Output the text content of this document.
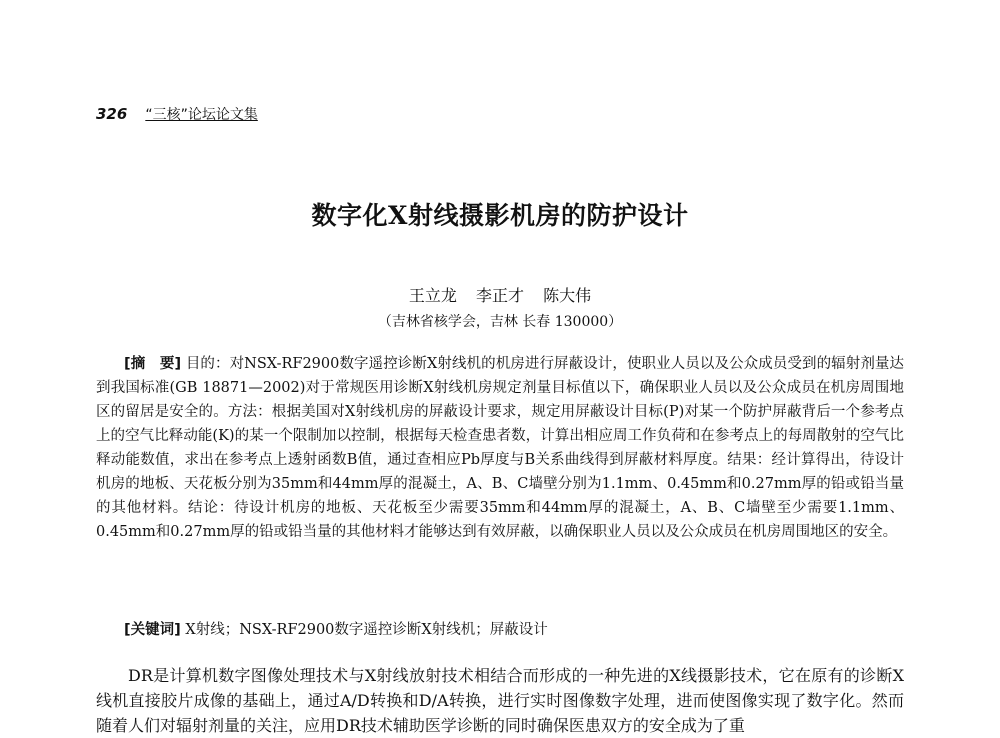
326 “三核”论坛论文集
数字化X射线摄影机房的防护设计
王立龙 李正才 陈大伟
（吉林省核学会，吉林 长春 130000）
[摘　要] 目的：对NSX-RF2900数字遥控诊断X射线机的机房进行屏蔽设计，使职业人员以及公众成员受到的辐射剂量达到我国标准(GB 18871—2002)对于常规医用诊断X射线机房规定剂量目标值以下，确保职业人员以及公众成员在机房周围地区的留居是安全的。方法：根据美国对X射线机房的屏蔽设计要求，规定用屏蔽设计目标(P)对某一个防护屏蔽背后一个参考点上的空气比释动能(K)的某一个限制加以控制，根据每天检查患者数，计算出相应周工作负荷和在参考点上的每周散射的空气比释动能数值，求出在参考点上透射函数B值，通过查相应Pb厚度与B关系曲线得到屏蔽材料厚度。结果：经计算得出，待设计机房的地板、天花板分别为35mm和44mm厚的混凝土，A、B、C墙壁分别为1.1mm、0.45mm和0.27mm厚的铅或铅当量的其他材料。结论：待设计机房的地板、天花板至少需要35mm和44mm厚的混凝土，A、B、C墙壁至少需要1.1mm、0.45mm和0.27mm厚的铅或铅当量的其他材料才能够达到有效屏蔽，以确保职业人员以及公众成员在机房周围地区的安全。
[关键词] X射线；NSX-RF2900数字遥控诊断X射线机；屏蔽设计
DR是计算机数字图像处理技术与X射线放射技术相结合而形成的一种先进的X线摄影技术，它在原有的诊断X线机直接胶片成像的基础上，通过A/D转换和D/A转换，进行实时图像数字处理，进而使图像实现了数字化。然而随着人们对辐射剂量的关注，应用DR技术辅助医学诊断的同时确保医患双方的安全成为了重
